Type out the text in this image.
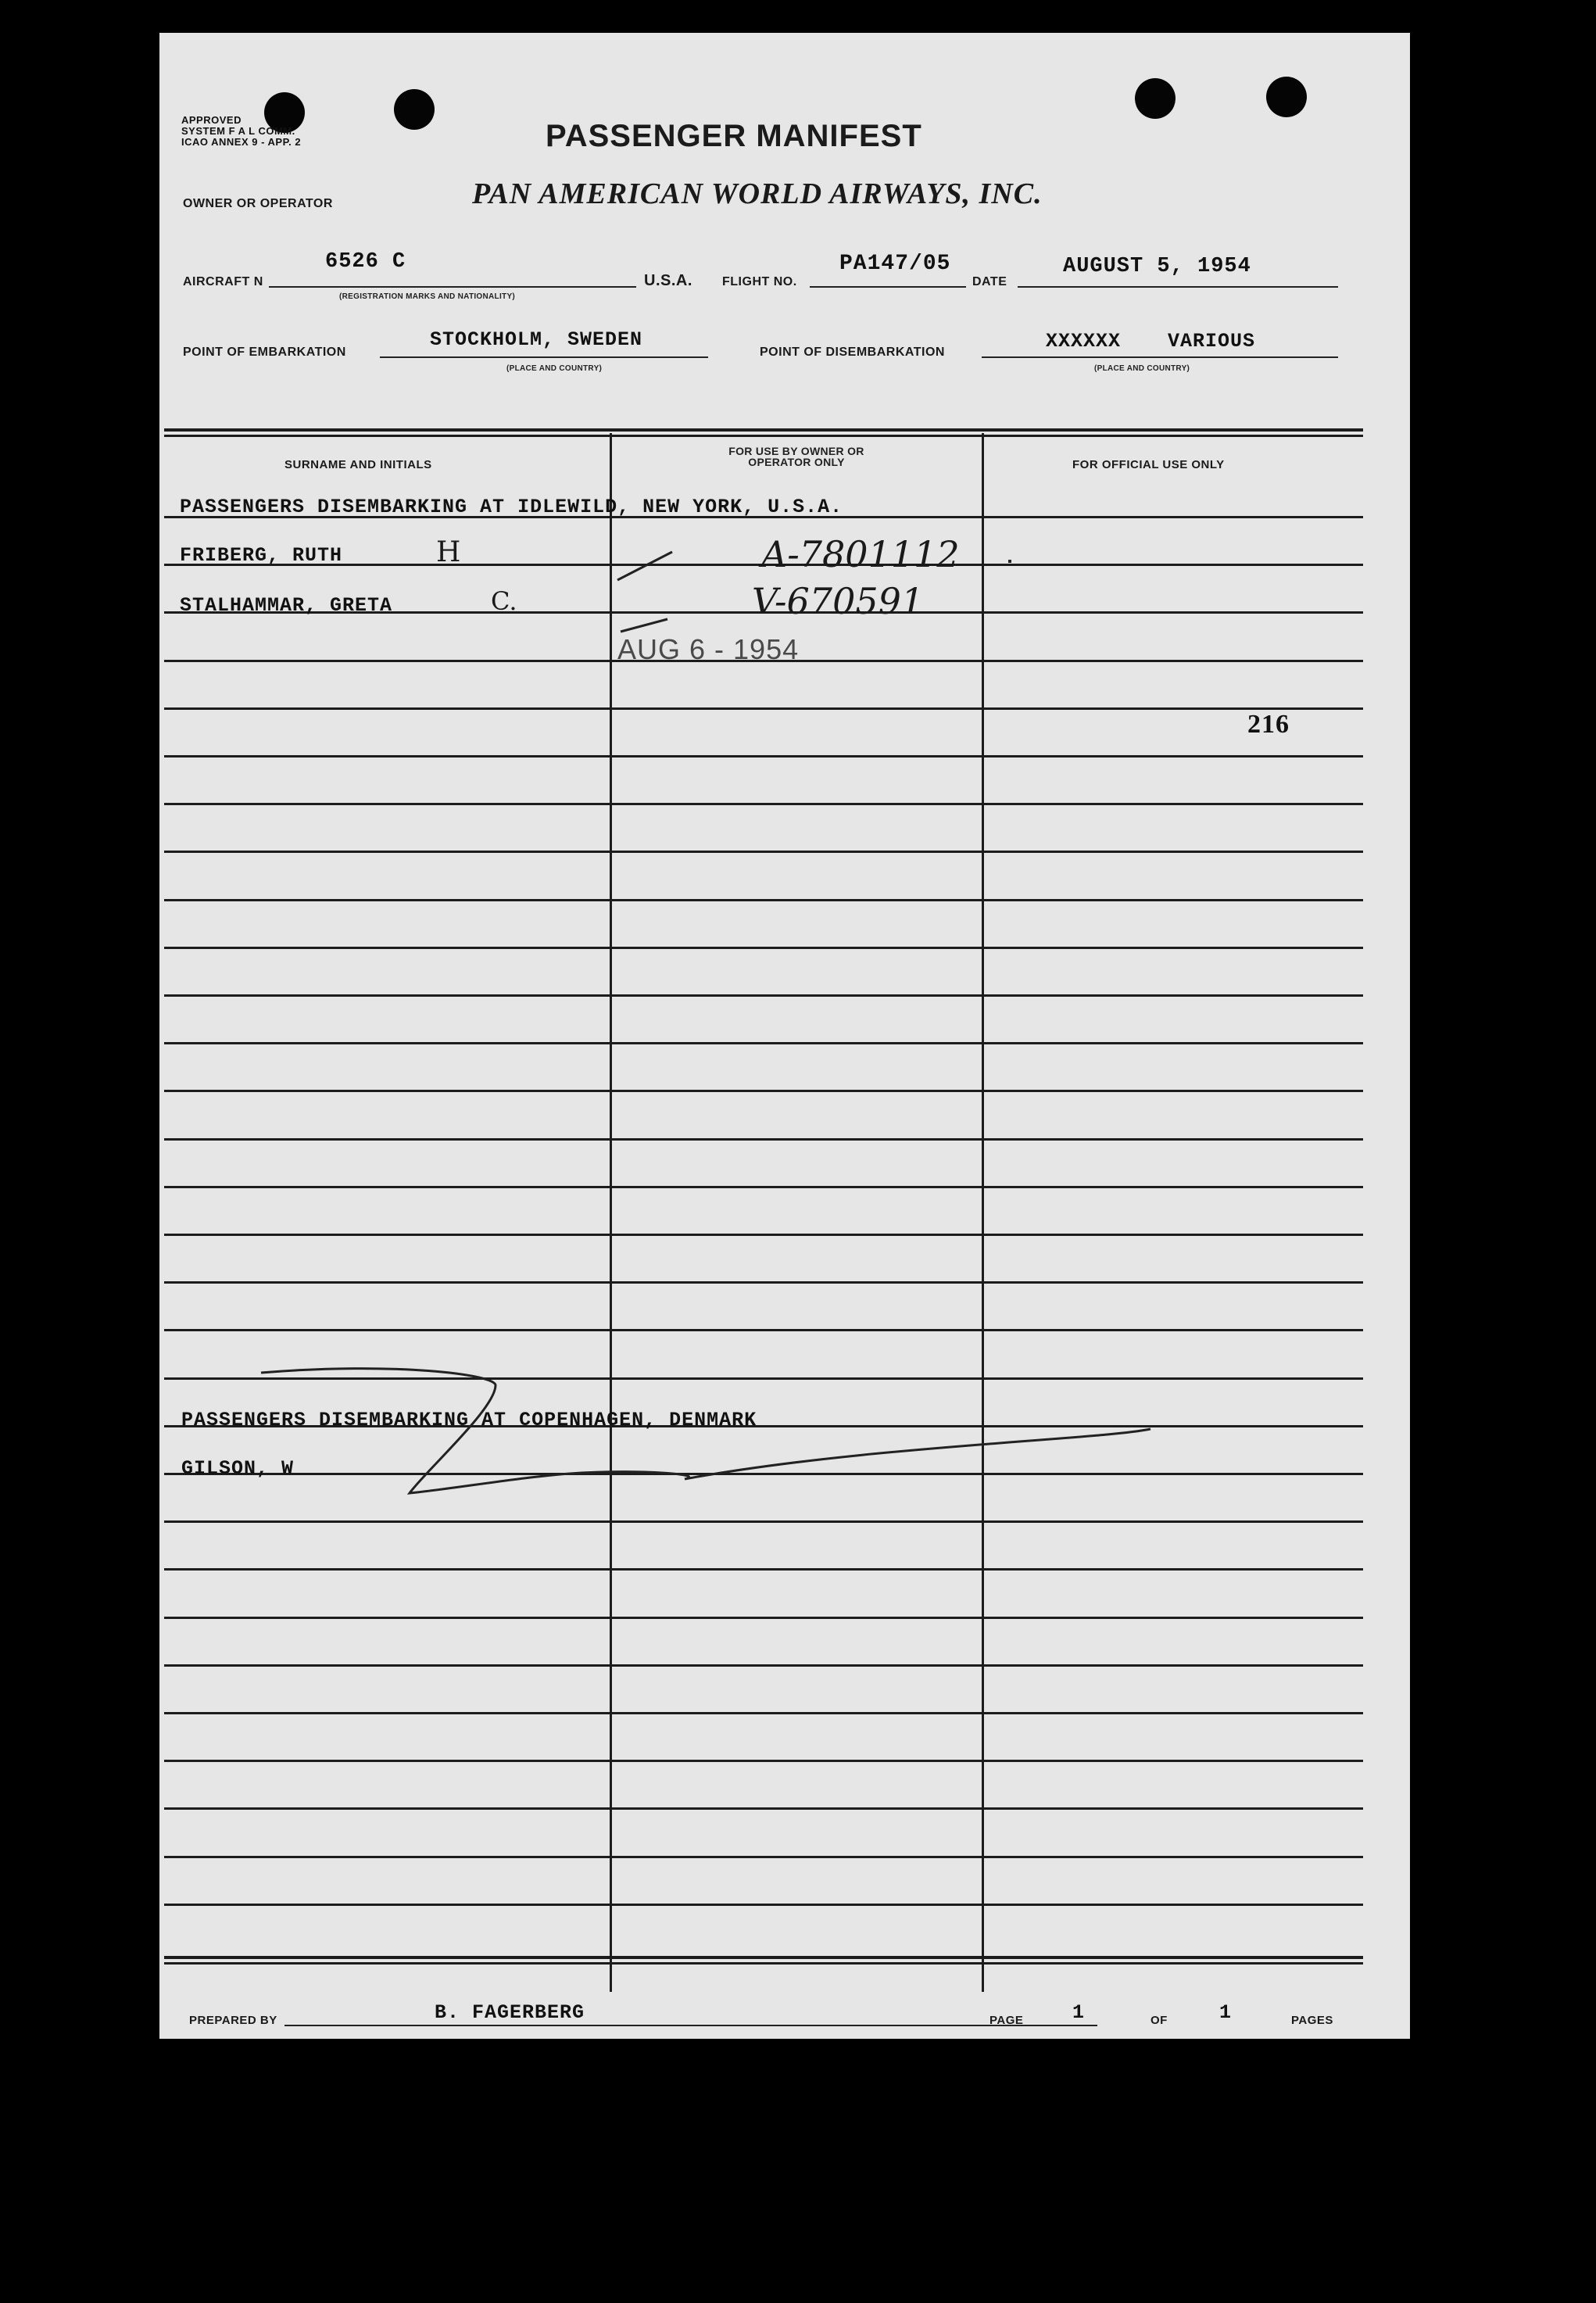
APPROVED
SYSTEM F A L COMM.
ICAO ANNEX 9 - APP. 2	PASSENGER MANIFEST
OWNER OR OPERATOR	PAN AMERICAN WORLD AIRWAYS, INC.
AIRCRAFT N
6526 C
(REGISTRATION MARKS AND NATIONALITY)
U.S.A. FLIGHT NO.
PA147/05
DATE
AUGUST 5, 1954
POINT OF EMBARKATION
STOCKHOLM, SWEDEN
(PLACE AND COUNTRY)
POINT OF DISEMBARKATION	XXXXXX VARIOUS
(PLACE AND COUNTRY)
SURNAME AND INITIALS
FOR USE BY OWNER OR OPERATOR ONLY	FOR OFFICIAL USE ONLY
PASSENGERS DISEMBARKING AT IDLEWILD, NEW YORK, U.S.A.
FRIBERG, RUTH	H	A-7801112
STALHAMMAR, GRETA	C.	V-670591
AUG 6 - 1954
216
PASSENGERS DISEMBARKING AT COPENHAGEN, DENMARK
GILSON, W
PREPARED BY	B. FAGERBERG	PAGE	1	OF	1	PAGES
